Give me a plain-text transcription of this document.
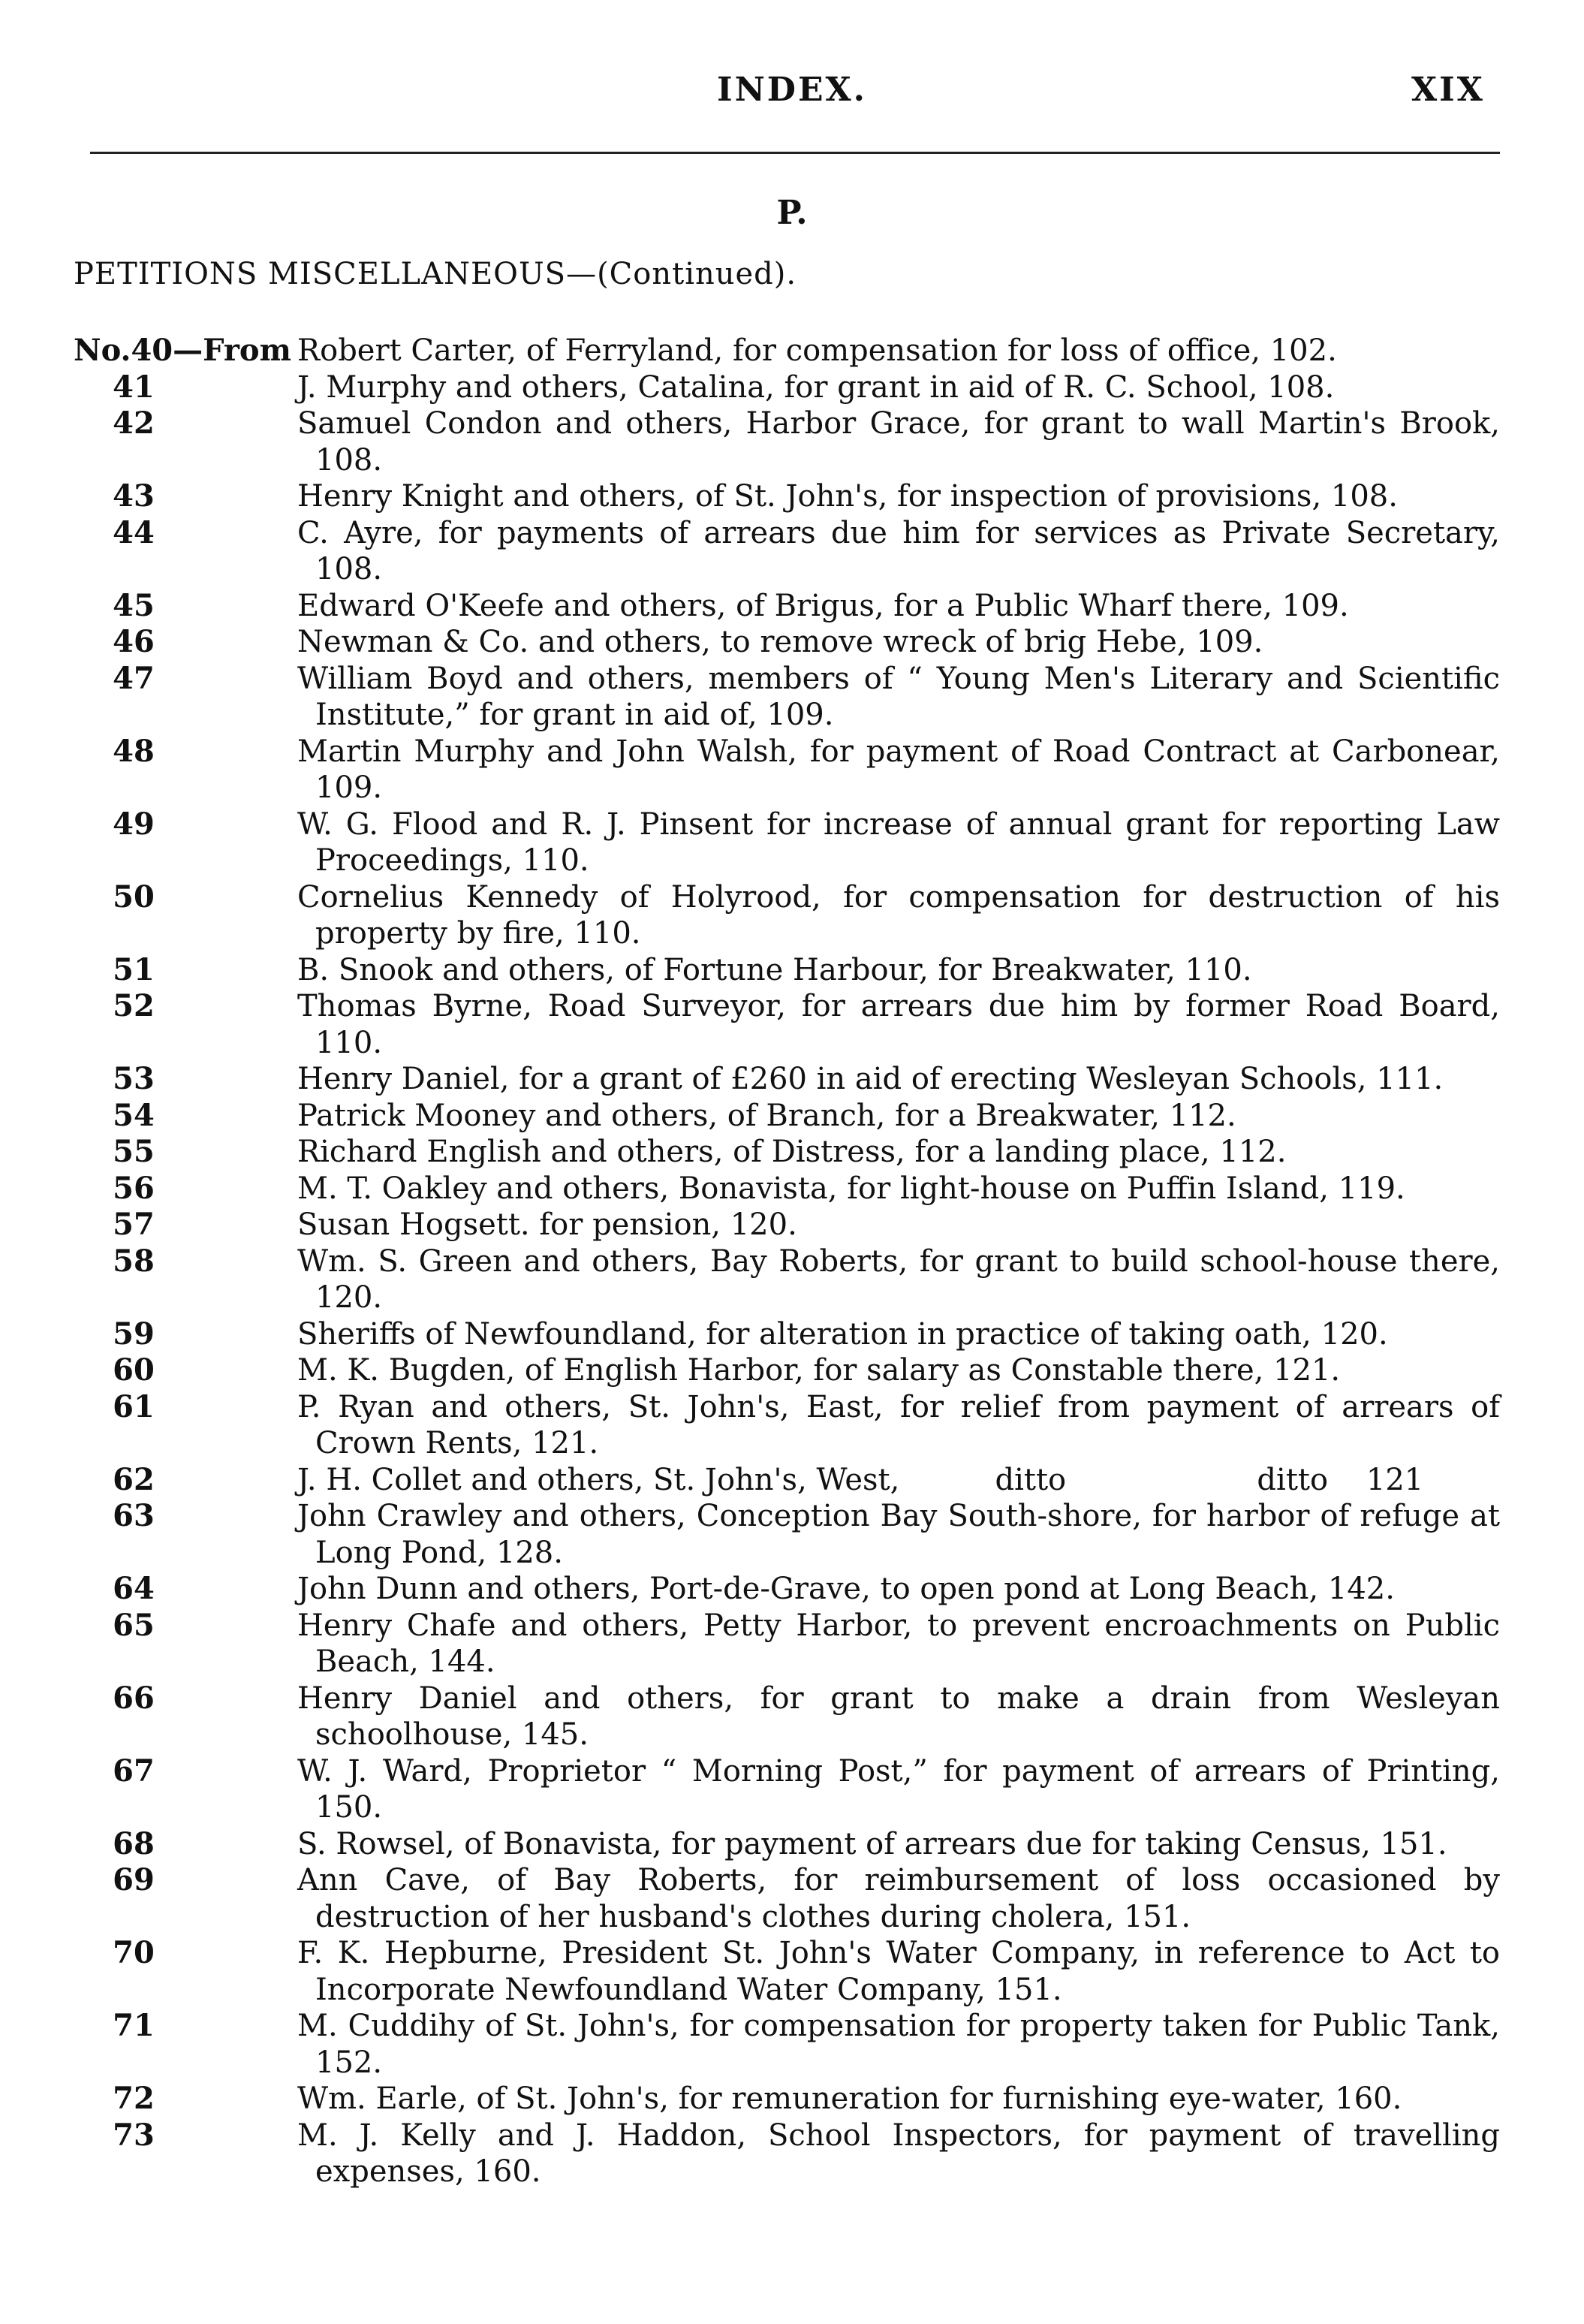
INDEX.	XIX
P.
PETITIONS MISCELLANEOUS—(Continued).
No.40—From Robert Carter, of Ferryland, for compensation for loss of office, 102.
41	J. Murphy and others, Catalina, for grant in aid of R. C. School, 108.
42	Samuel Condon and others, Harbor Grace, for grant to wall Martin's Brook, 108.
43	Henry Knight and others, of St. John's, for inspection of provisions, 108.
44	C. Ayre, for payments of arrears due him for services as Private Secretary, 108.
45	Edward O'Keefe and others, of Brigus, for a Public Wharf there, 109.
46	Newman & Co. and others, to remove wreck of brig Hebe, 109.
47	William Boyd and others, members of “ Young Men's Literary and Scientific Institute,” for grant in aid of, 109.
48	Martin Murphy and John Walsh, for payment of Road Contract at Carbonear, 109.
49	W. G. Flood and R. J. Pinsent for increase of annual grant for reporting Law Proceedings, 110.
50	Cornelius Kennedy of Holyrood, for compensation for destruction of his property by fire, 110.
51	B. Snook and others, of Fortune Harbour, for Breakwater, 110.
52	Thomas Byrne, Road Surveyor, for arrears due him by former Road Board, 110.
53	Henry Daniel, for a grant of £260 in aid of erecting Wesleyan Schools, 111.
54	Patrick Mooney and others, of Branch, for a Breakwater, 112.
55	Richard English and others, of Distress, for a landing place, 112.
56	M. T. Oakley and others, Bonavista, for light-house on Puffin Island, 119.
57	Susan Hogsett. for pension, 120.
58	Wm. S. Green and others, Bay Roberts, for grant to build school-house there, 120.
59	Sheriffs of Newfoundland, for alteration in practice of taking oath, 120.
60	M. K. Bugden, of English Harbor, for salary as Constable there, 121.
61	P. Ryan and others, St. John's, East, for relief from payment of arrears of Crown Rents, 121.
62	J. H. Collet and others, St. John's, West,          ditto                    ditto    121
63	John Crawley and others, Conception Bay South-shore, for harbor of refuge at Long Pond, 128.
64	John Dunn and others, Port-de-Grave, to open pond at Long Beach, 142.
65	Henry Chafe and others, Petty Harbor, to prevent encroachments on Public Beach, 144.
66	Henry Daniel and others, for grant to make a drain from Wesleyan schoolhouse, 145.
67	W. J. Ward, Proprietor “ Morning Post,” for payment of arrears of Printing, 150.
68	S. Rowsel, of Bonavista, for payment of arrears due for taking Census, 151.
69	Ann Cave, of Bay Roberts, for reimbursement of loss occasioned by destruction of her husband's clothes during cholera, 151.
70	F. K. Hepburne, President St. John's Water Company, in reference to Act to Incorporate Newfoundland Water Company, 151.
71	M. Cuddihy of St. John's, for compensation for property taken for Public Tank, 152.
72	Wm. Earle, of St. John's, for remuneration for furnishing eye-water, 160.
73	M. J. Kelly and J. Haddon, School Inspectors, for payment of travelling expenses, 160.
